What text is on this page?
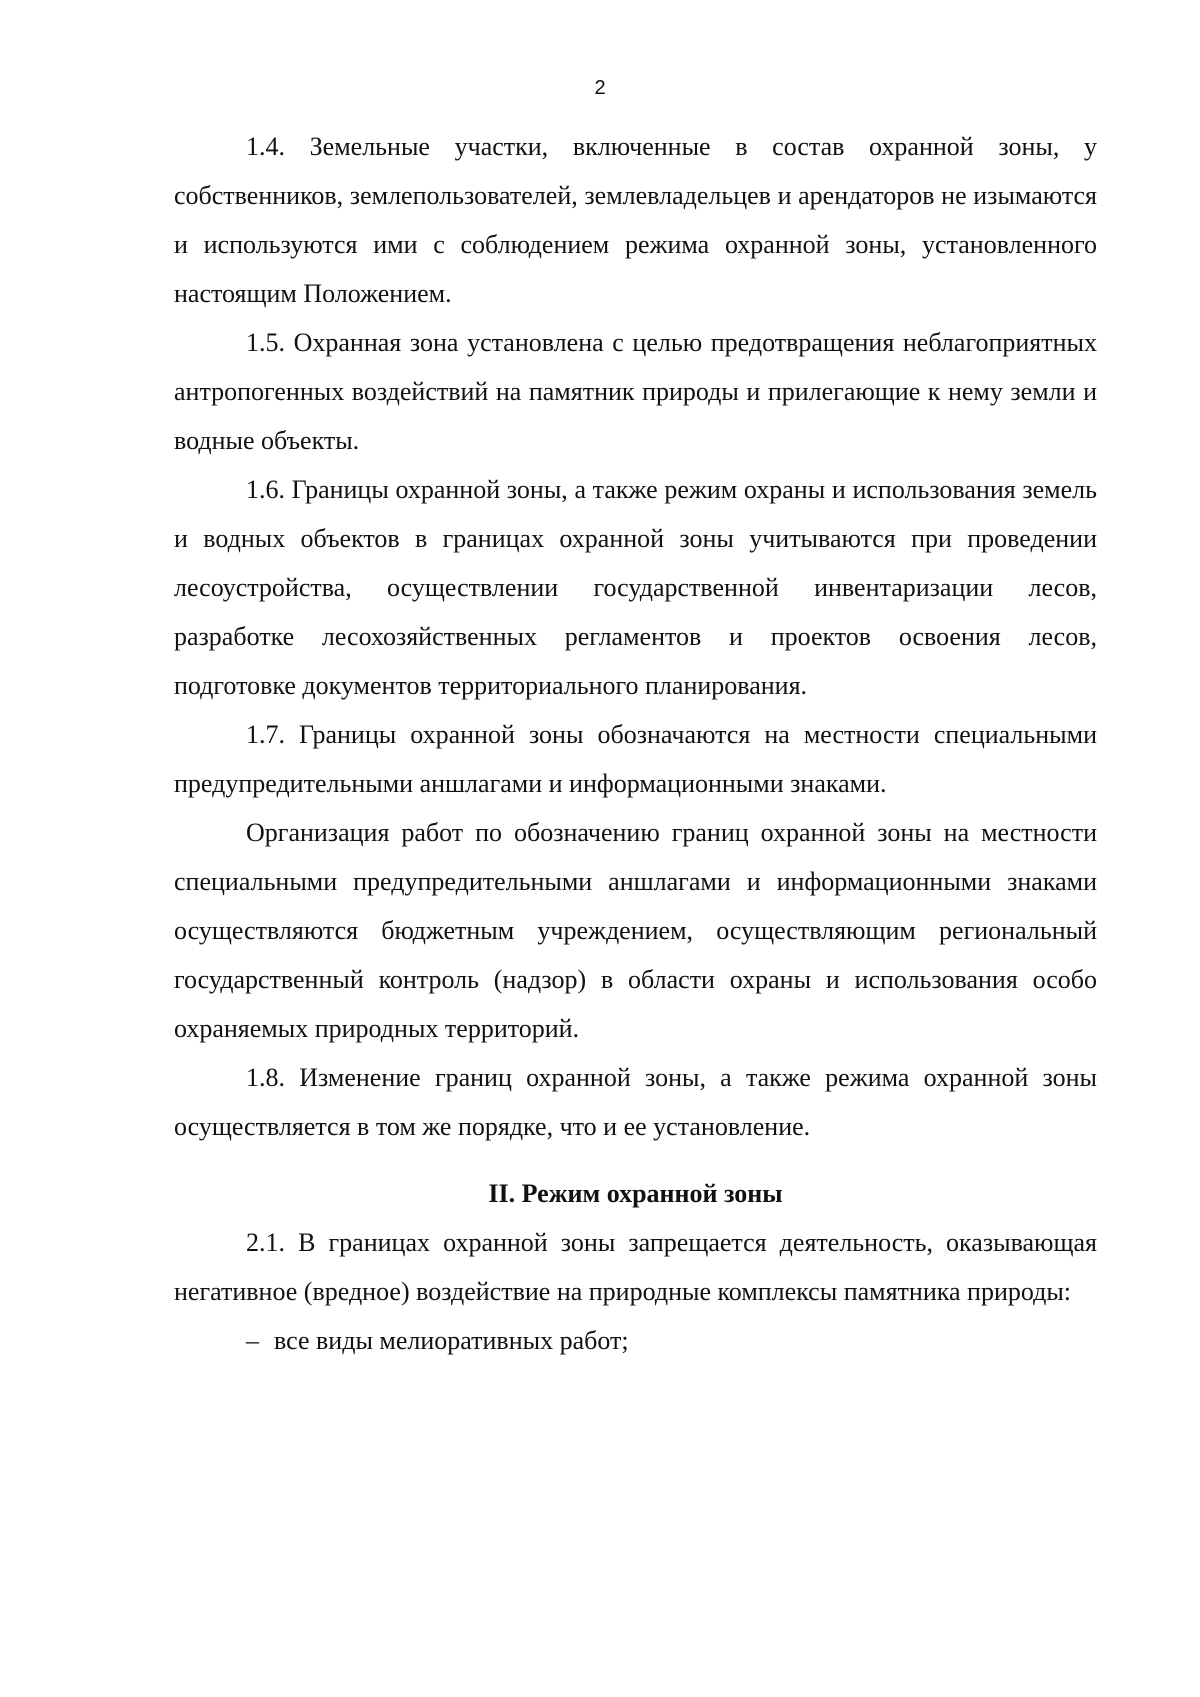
2

1.4. Земельные участки, включенные в состав охранной зоны, у собственников, землепользователей, землевладельцев и арендаторов не изымаются и используются ими с соблюдением режима охранной зоны, установленного настоящим Положением.

1.5. Охранная зона установлена с целью предотвращения неблагоприятных антропогенных воздействий на памятник природы и прилегающие к нему земли и водные объекты.

1.6. Границы охранной зоны, а также режим охраны и использования земель и водных объектов в границах охранной зоны учитываются при проведении лесоустройства, осуществлении государственной инвентаризации лесов, разработке лесохозяйственных регламентов и проектов освоения лесов, подготовке документов территориального планирования.

1.7. Границы охранной зоны обозначаются на местности специальными предупредительными аншлагами и информационными знаками.

Организация работ по обозначению границ охранной зоны на местности специальными предупредительными аншлагами и информационными знаками осуществляются бюджетным учреждением, осуществляющим региональный государственный контроль (надзор) в области охраны и использования особо охраняемых природных территорий.

1.8. Изменение границ охранной зоны, а также режима охранной зоны осуществляется в том же порядке, что и ее установление.

II. Режим охранной зоны

2.1. В границах охранной зоны запрещается деятельность, оказывающая негативное (вредное) воздействие на природные комплексы памятника природы:

– все виды мелиоративных работ;
